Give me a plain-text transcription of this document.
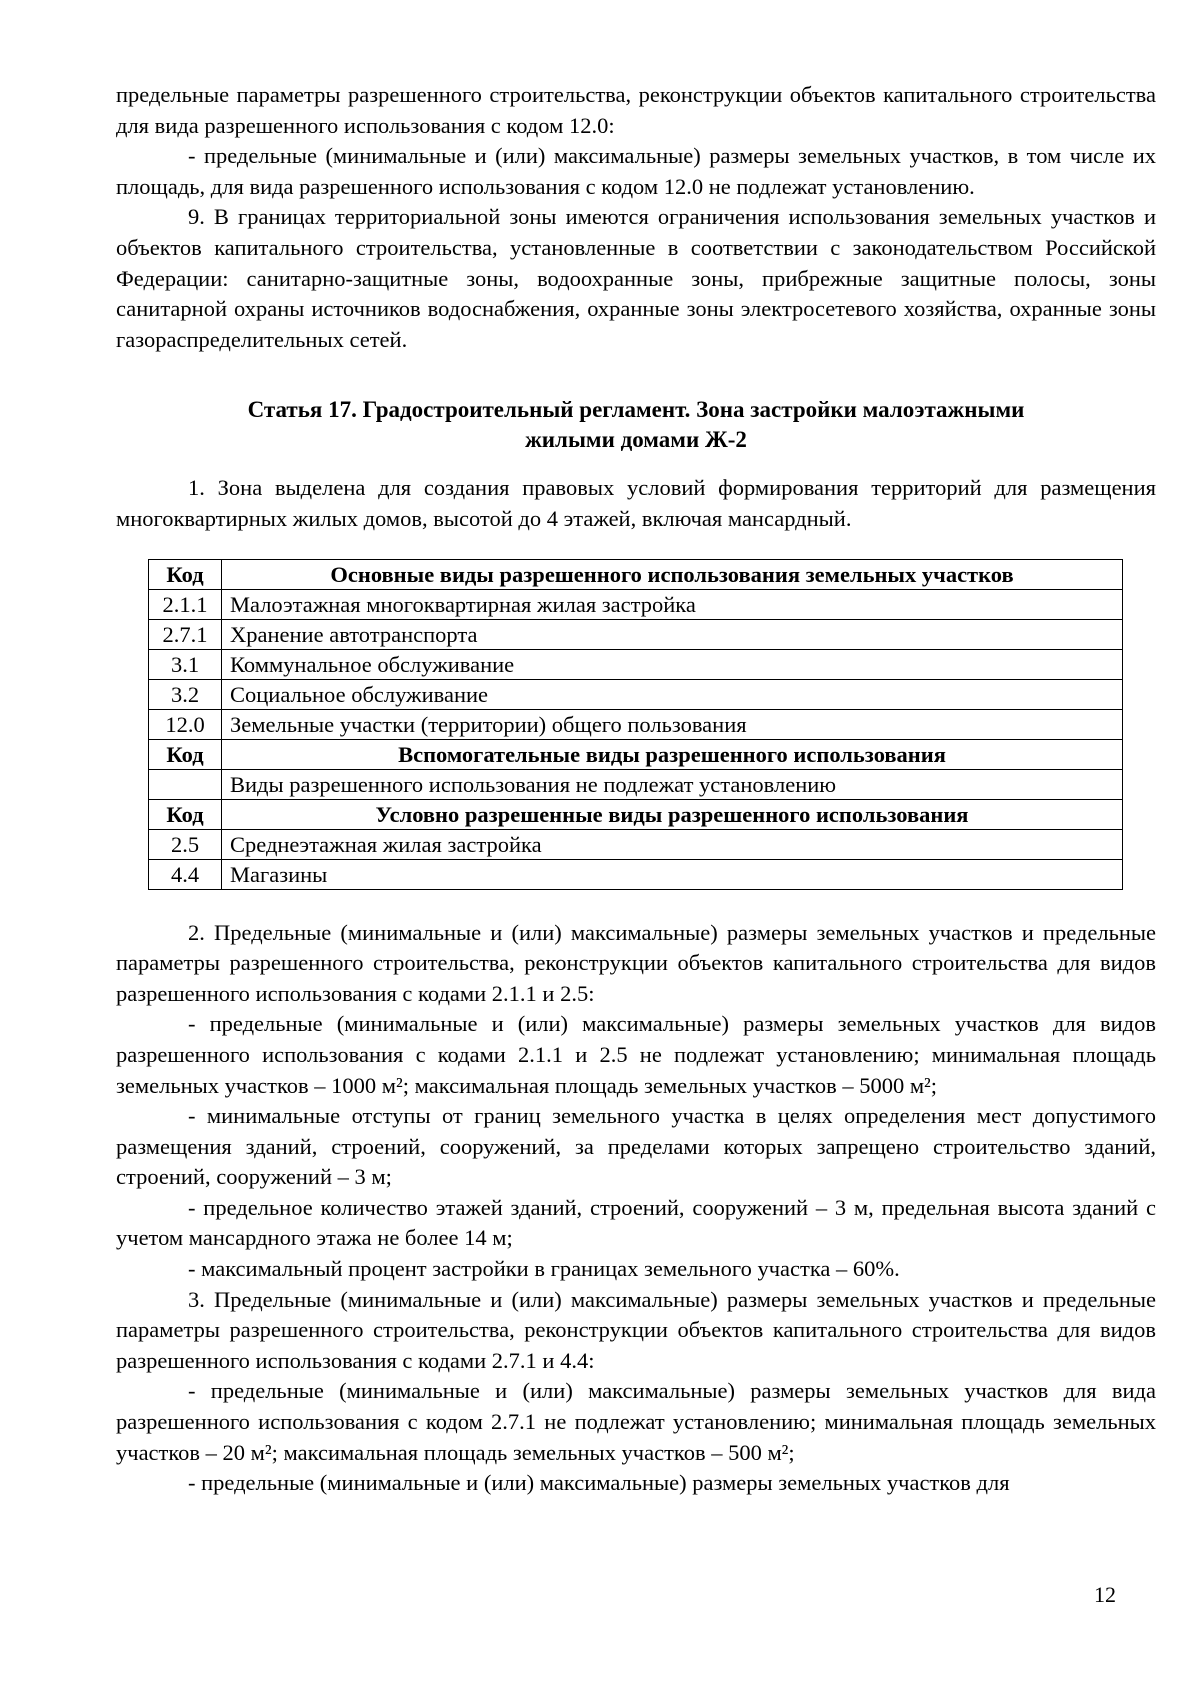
предельные параметры разрешенного строительства, реконструкции объектов капитального строительства для вида разрешенного использования с кодом 12.0:

- предельные (минимальные и (или) максимальные) размеры земельных участков, в том числе их площадь, для вида разрешенного использования с кодом 12.0 не подлежат установлению.

9. В границах территориальной зоны имеются ограничения использования земельных участков и объектов капитального строительства, установленные в соответствии с законодательством Российской Федерации: санитарно-защитные зоны, водоохранные зоны, прибрежные защитные полосы, зоны санитарной охраны источников водоснабжения, охранные зоны электросетевого хозяйства, охранные зоны газораспределительных сетей.

Статья 17. Градостроительный регламент. Зона застройки малоэтажными
жилыми домами Ж-2

1. Зона выделена для создания правовых условий формирования территорий для размещения многоквартирных жилых домов, высотой до 4 этажей, включая мансардный.

Код	Основные виды разрешенного использования земельных участков
2.1.1	Малоэтажная многоквартирная жилая застройка
2.7.1	Хранение автотранспорта
3.1	Коммунальное обслуживание
3.2	Социальное обслуживание
12.0	Земельные участки (территории) общего пользования
Код	Вспомогательные виды разрешенного использования
	Виды разрешенного использования не подлежат установлению
Код	Условно разрешенные виды разрешенного использования
2.5	Среднеэтажная жилая застройка
4.4	Магазины

2. Предельные (минимальные и (или) максимальные) размеры земельных участков и предельные параметры разрешенного строительства, реконструкции объектов капитального строительства для видов разрешенного использования с кодами 2.1.1 и 2.5:

- предельные (минимальные и (или) максимальные) размеры земельных участков для видов разрешенного использования с кодами 2.1.1 и 2.5 не подлежат установлению; минимальная площадь земельных участков – 1000 м²; максимальная площадь земельных участков – 5000 м²;

- минимальные отступы от границ земельного участка в целях определения мест допустимого размещения зданий, строений, сооружений, за пределами которых запрещено строительство зданий, строений, сооружений – 3 м;

- предельное количество этажей зданий, строений, сооружений – 3 м, предельная высота зданий с учетом мансардного этажа не более 14 м;

- максимальный процент застройки в границах земельного участка – 60%.

3. Предельные (минимальные и (или) максимальные) размеры земельных участков и предельные параметры разрешенного строительства, реконструкции объектов капитального строительства для видов разрешенного использования с кодами 2.7.1 и 4.4:

- предельные (минимальные и (или) максимальные) размеры земельных участков для вида разрешенного использования с кодом 2.7.1 не подлежат установлению; минимальная площадь земельных участков – 20 м²; максимальная площадь земельных участков – 500 м²;

- предельные (минимальные и (или) максимальные) размеры земельных участков для

12
